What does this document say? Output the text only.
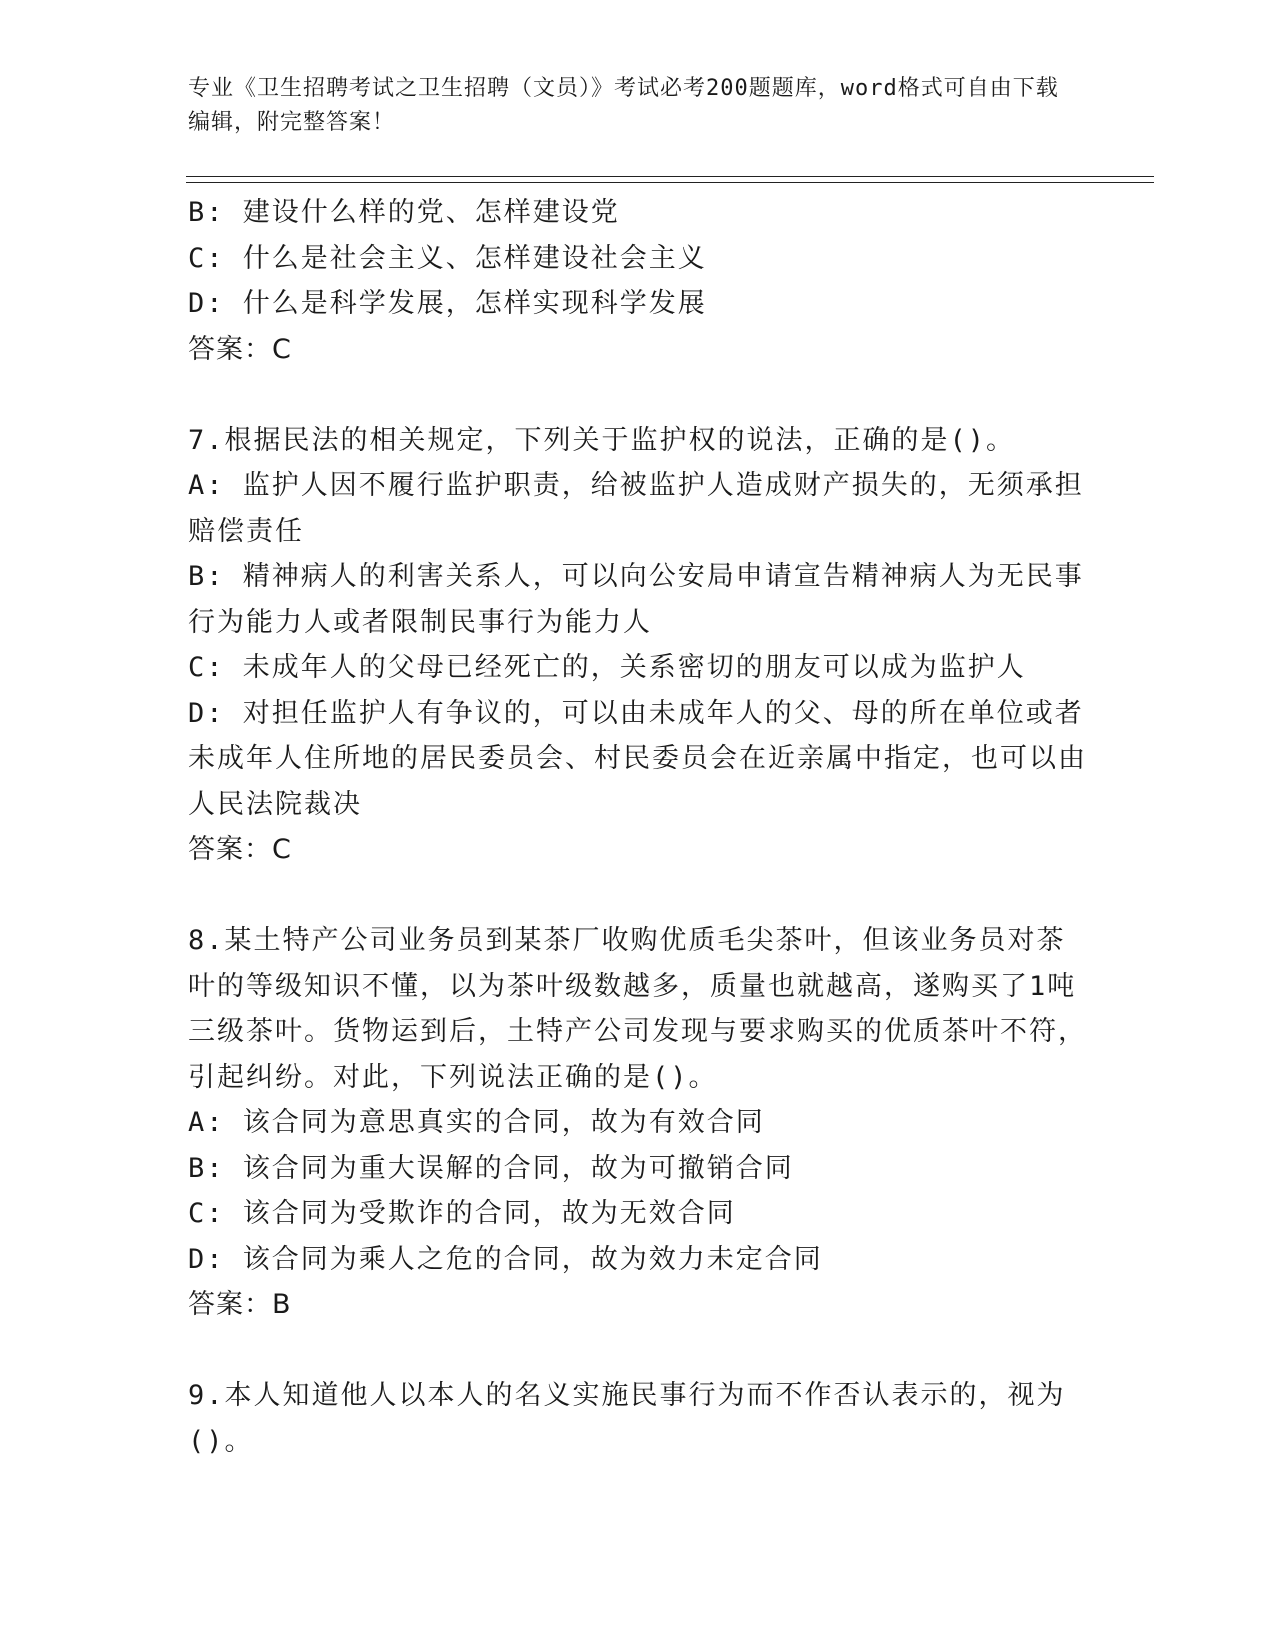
专业《卫生招聘考试之卫生招聘（文员）》考试必考200题题库，word格式可自由下载编辑，附完整答案！

B: 建设什么样的党、怎样建设党

C: 什么是社会主义、怎样建设社会主义

D: 什么是科学发展，怎样实现科学发展

答案：C

7.根据民法的相关规定，下列关于监护权的说法，正确的是()。

A: 监护人因不履行监护职责，给被监护人造成财产损失的，无须承担赔偿责任

B: 精神病人的利害关系人，可以向公安局申请宣告精神病人为无民事行为能力人或者限制民事行为能力人

C: 未成年人的父母已经死亡的，关系密切的朋友可以成为监护人

D: 对担任监护人有争议的，可以由未成年人的父、母的所在单位或者未成年人住所地的居民委员会、村民委员会在近亲属中指定，也可以由人民法院裁决

答案：C

8.某土特产公司业务员到某茶厂收购优质毛尖茶叶，但该业务员对茶叶的等级知识不懂，以为茶叶级数越多，质量也就越高，遂购买了1吨三级茶叶。货物运到后，土特产公司发现与要求购买的优质茶叶不符，引起纠纷。对此，下列说法正确的是()。

A: 该合同为意思真实的合同，故为有效合同

B: 该合同为重大误解的合同，故为可撤销合同

C: 该合同为受欺诈的合同，故为无效合同

D: 该合同为乘人之危的合同，故为效力未定合同

答案：B

9.本人知道他人以本人的名义实施民事行为而不作否认表示的，视为()。
